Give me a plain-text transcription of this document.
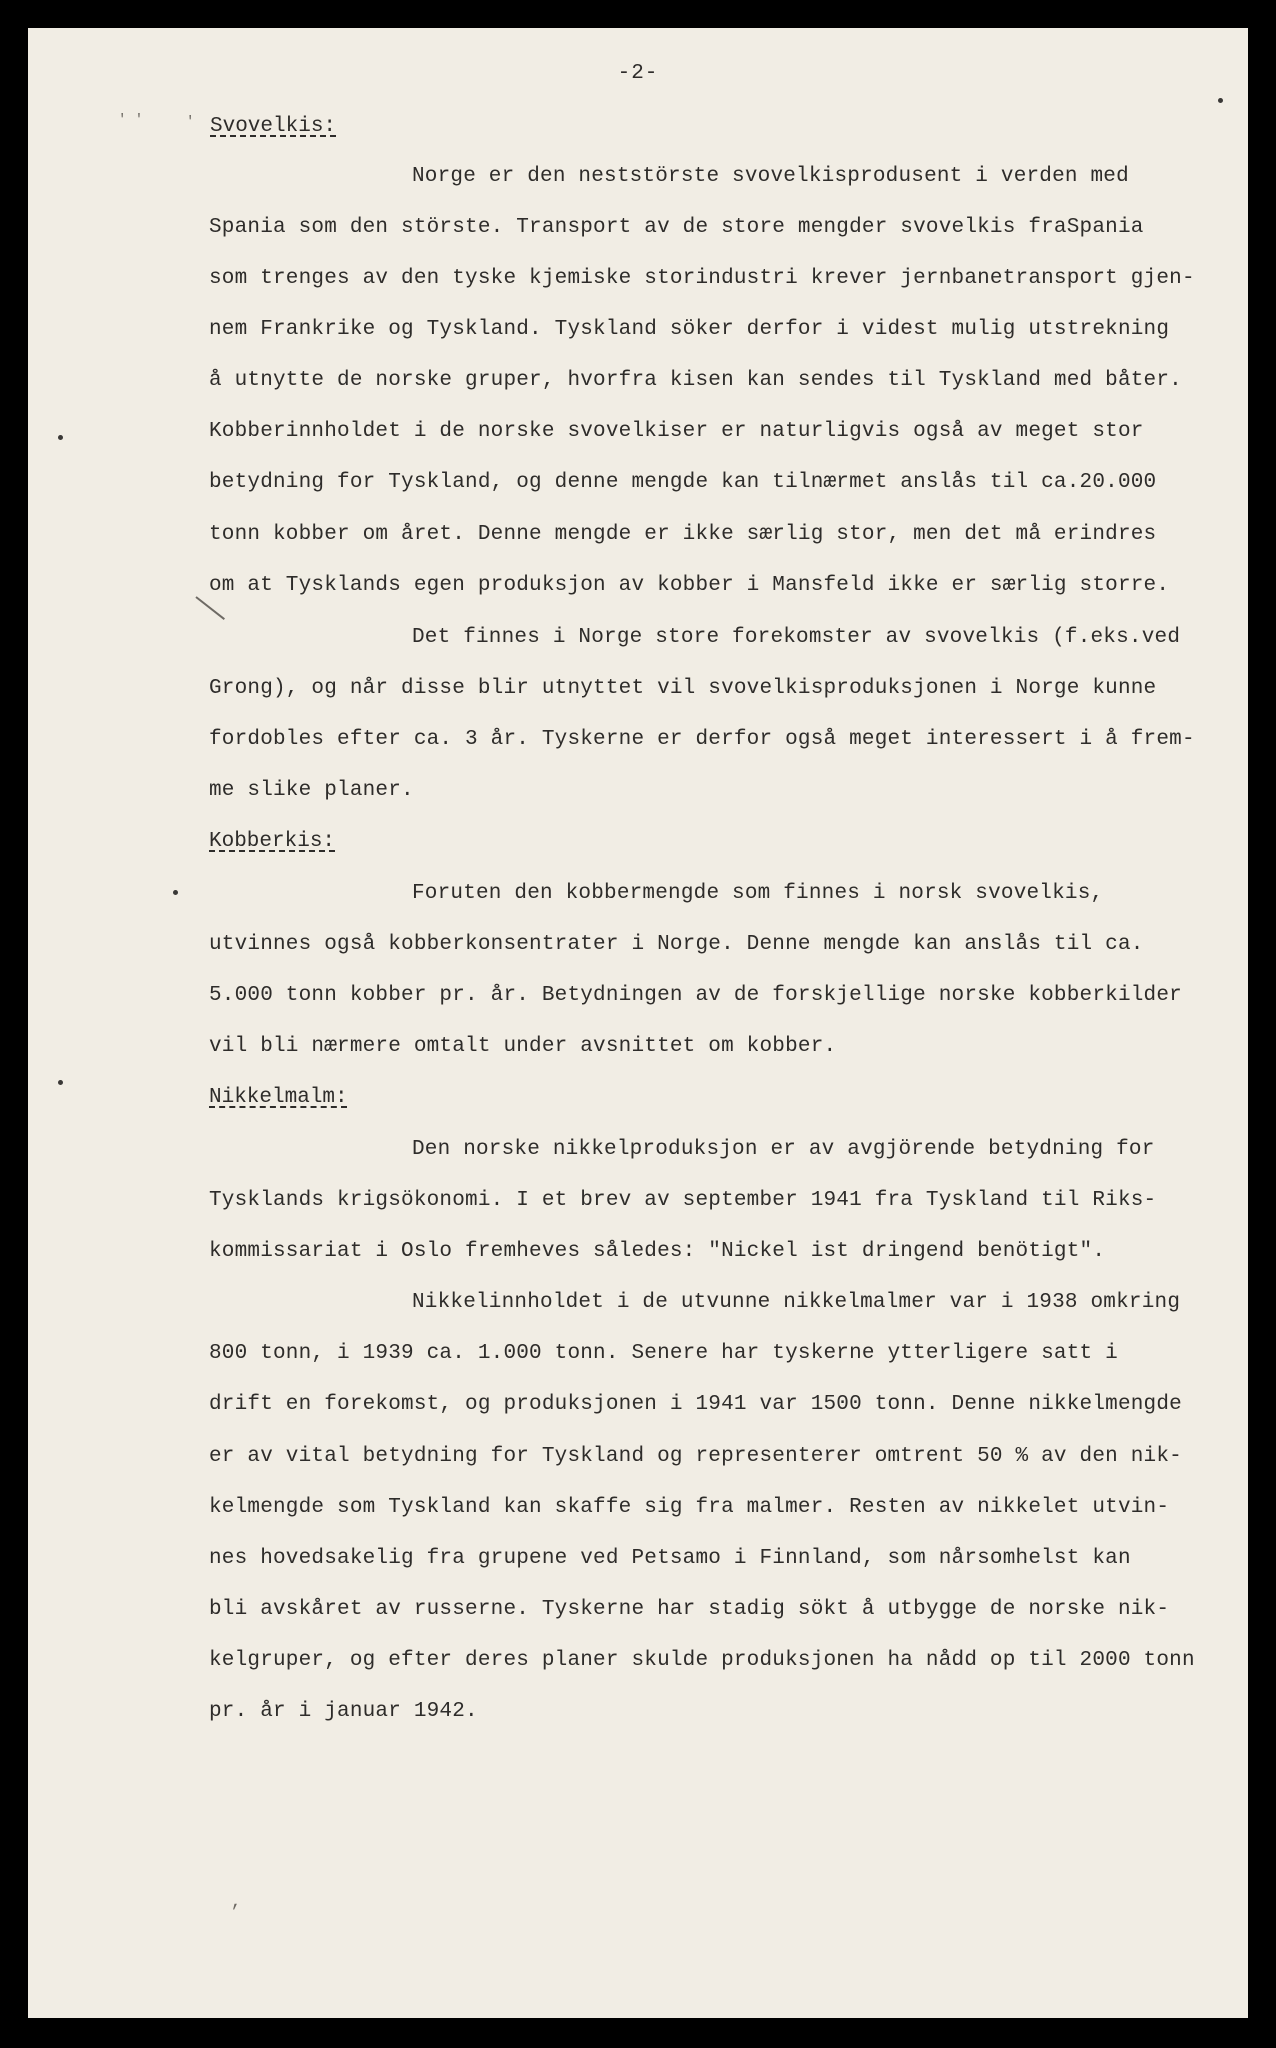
-2-
' '	' Svovelkis:
Norge er den neststörste svovelkisprodusent i verden med
Spania som den störste. Transport av de store mengder svovelkis fraSpania
som trenges av den tyske kjemiske storindustri krever jernbanetransport gjen-
nem Frankrike og Tyskland. Tyskland söker derfor i videst mulig utstrekning
å utnytte de norske gruper, hvorfra kisen kan sendes til Tyskland med båter.
Kobberinnholdet i de norske svovelkiser er naturligvis også av meget stor
betydning for Tyskland, og denne mengde kan tilnærmet anslås til ca.20.000
tonn kobber om året. Denne mengde er ikke særlig stor, men det må erindres
om at Tysklands egen produksjon av kobber i Mansfeld ikke er særlig storre.
Det finnes i Norge store forekomster av svovelkis (f.eks.ved
Grong), og når disse blir utnyttet vil svovelkisproduksjonen i Norge kunne
fordobles efter ca. 3 år. Tyskerne er derfor også meget interessert i å frem-
me slike planer.
Kobberkis:
Foruten den kobbermengde som finnes i norsk svovelkis,
utvinnes også kobberkonsentrater i Norge. Denne mengde kan anslås til ca.
5.000 tonn kobber pr. år. Betydningen av de forskjellige norske kobberkilder
vil bli nærmere omtalt under avsnittet om kobber.
Nikkelmalm:
Den norske nikkelproduksjon er av avgjörende betydning for
Tysklands krigsökonomi. I et brev av september 1941 fra Tyskland til Riks-
kommissariat i Oslo fremheves således: "Nickel ist dringend benötigt".
Nikkelinnholdet i de utvunne nikkelmalmer var i 1938 omkring
800 tonn, i 1939 ca. 1.000 tonn. Senere har tyskerne ytterligere satt i
drift en forekomst, og produksjonen i 1941 var 1500 tonn. Denne nikkelmengde
er av vital betydning for Tyskland og representerer omtrent 50 % av den nik-
kelmengde som Tyskland kan skaffe sig fra malmer. Resten av nikkelet utvin-
nes hovedsakelig fra grupene ved Petsamo i Finnland, som nårsomhelst kan
bli avskåret av russerne. Tyskerne har stadig sökt å utbygge de norske nik-
kelgruper, og efter deres planer skulde produksjonen ha nådd op til 2000 tonn
pr. år i januar 1942.
‚
